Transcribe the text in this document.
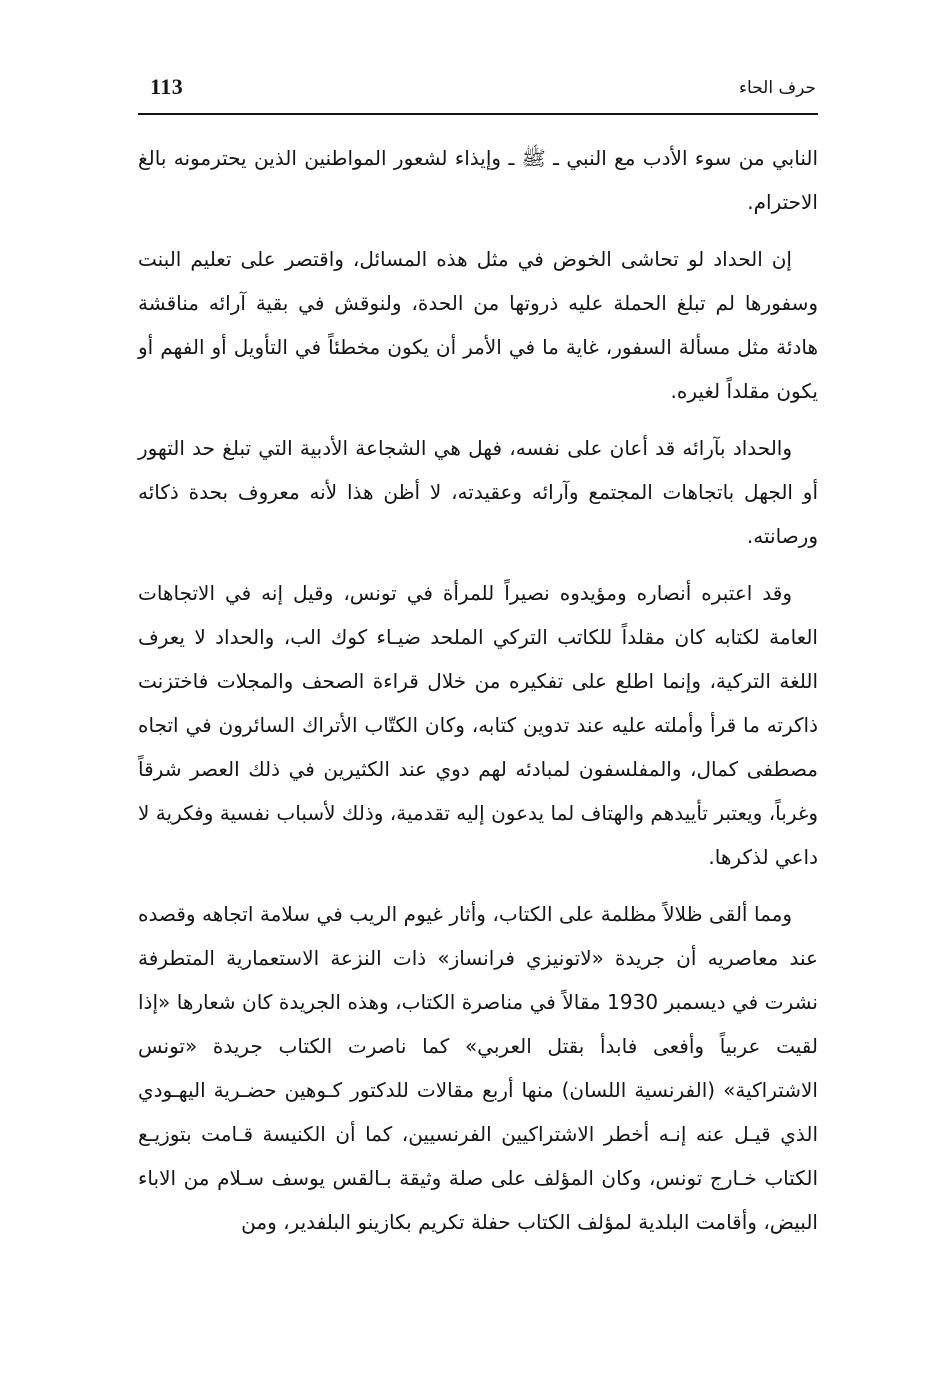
113	حرف الحاء

النابي من سوء الأدب مع النبي ـ ﷺ ـ وإيذاء لشعور المواطنين الذين يحترمونه بالغ الاحترام.

إن الحداد لو تحاشى الخوض في مثل هذه المسائل، واقتصر على تعليم البنت وسفورها لم تبلغ الحملة عليه ذروتها من الحدة، ولنوقش في بقية آرائه مناقشة هادئة مثل مسألة السفور، غاية ما في الأمر أن يكون مخطئاً في التأويل أو الفهم أو يكون مقلداً لغيره.

والحداد بآرائه قد أعان على نفسه، فهل هي الشجاعة الأدبية التي تبلغ حد التهور أو الجهل باتجاهات المجتمع وآرائه وعقيدته، لا أظن هذا لأنه معروف بحدة ذكائه ورصانته.

وقد اعتبره أنصاره ومؤيدوه نصيراً للمرأة في تونس، وقيل إنه في الاتجاهات العامة لكتابه كان مقلداً للكاتب التركي الملحد ضيـاء كوك الب، والحداد لا يعرف اللغة التركية، وإنما اطلع على تفكيره من خلال قراءة الصحف والمجلات فاختزنت ذاكرته ما قرأ وأملته عليه عند تدوين كتابه، وكان الكتّاب الأتراك السائرون في اتجاه مصطفى كمال، والمفلسفون لمبادئه لهم دوي عند الكثيرين في ذلك العصر شرقاً وغرباً، ويعتبر تأييدهم والهتاف لما يدعون إليه تقدمية، وذلك لأسباب نفسية وفكرية لا داعي لذكرها.

ومما ألقى ظلالاً مظلمة على الكتاب، وأثار غيوم الريب في سلامة اتجاهه وقصده عند معاصريه أن جريدة «لاتونيزي فرانساز» ذات النزعة الاستعمارية المتطرفة نشرت في ديسمبر 1930 مقالاً في مناصرة الكتاب، وهذه الجريدة كان شعارها «إذا لقيت عربياً وأفعى فابدأ بقتل العربي» كما ناصرت الكتاب جريدة «تونس الاشتراكية» (الفرنسية اللسان) منها أربع مقالات للدكتور كـوهين حضـرية اليهـودي الذي قيـل عنه إنـه أخطر الاشتراكيين الفرنسيين، كما أن الكنيسة قـامت بتوزيـع الكتاب خـارج تونس، وكان المؤلف على صلة وثيقة بـالقس يوسف سـلام من الاباء البيض، وأقامت البلدية لمؤلف الكتاب حفلة تكريم بكازينو البلفدير، ومن
